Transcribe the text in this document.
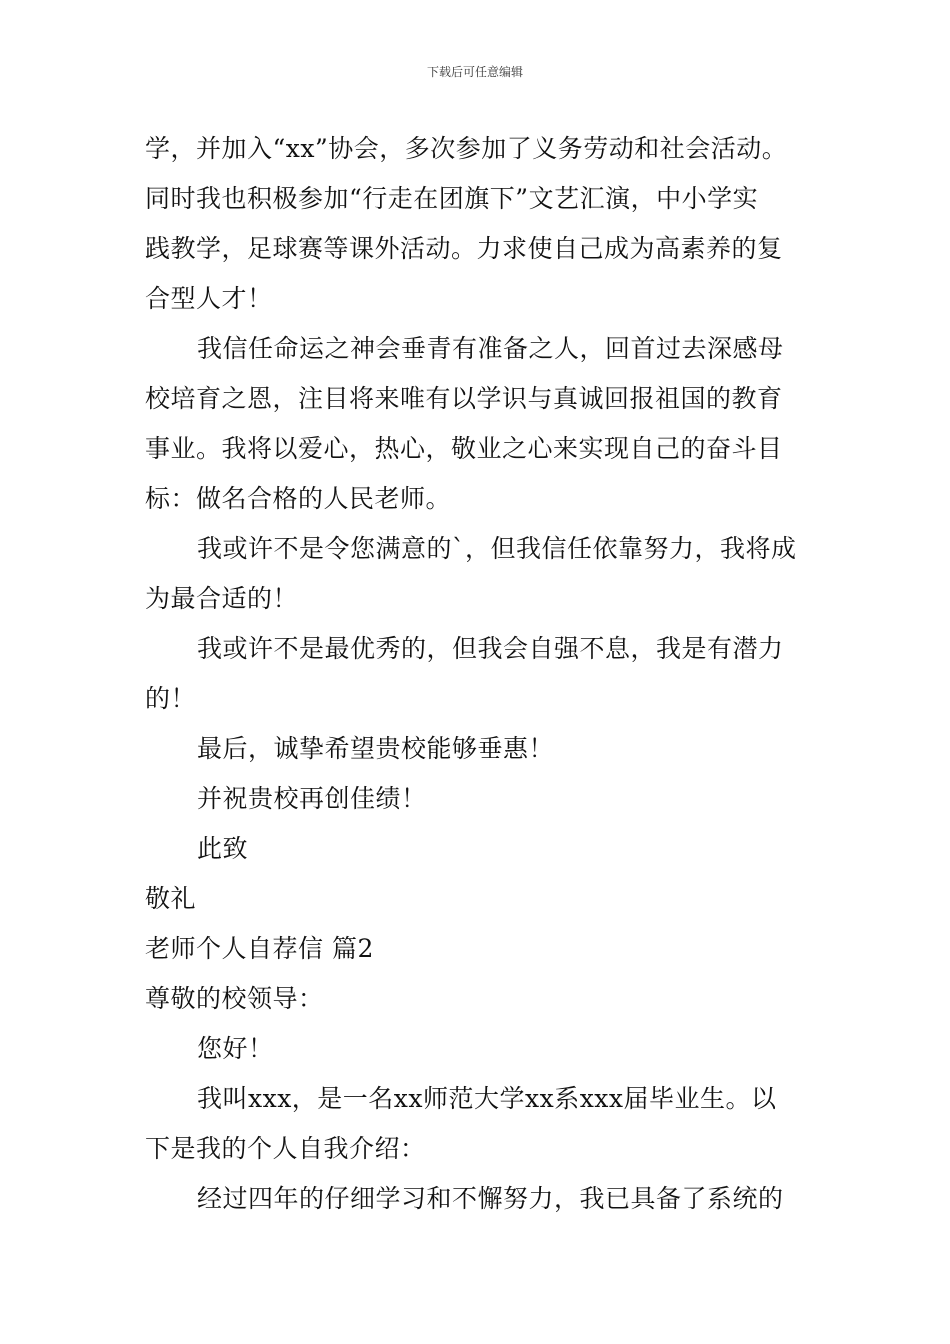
下载后可任意编辑
学，并加入“xx”协会，多次参加了义务劳动和社会活动。
同时我也积极参加“行走在团旗下”文艺汇演，中小学实
践教学，足球赛等课外活动。力求使自己成为高素养的复
合型人才！
我信任命运之神会垂青有准备之人，回首过去深感母
校培育之恩，注目将来唯有以学识与真诚回报祖国的教育
事业。我将以爱心，热心，敬业之心来实现自己的奋斗目
标：做名合格的人民老师。
我或许不是令您满意的`，但我信任依靠努力，我将成
为最合适的！
我或许不是最优秀的，但我会自强不息，我是有潜力
的！
最后，诚挚希望贵校能够垂惠！
并祝贵校再创佳绩！
此致
敬礼
老师个人自荐信 篇2
尊敬的校领导：
您好！
我叫xxx，是一名xx师范大学xx系xxx届毕业生。以
下是我的个人自我介绍：
经过四年的仔细学习和不懈努力，我已具备了系统的
